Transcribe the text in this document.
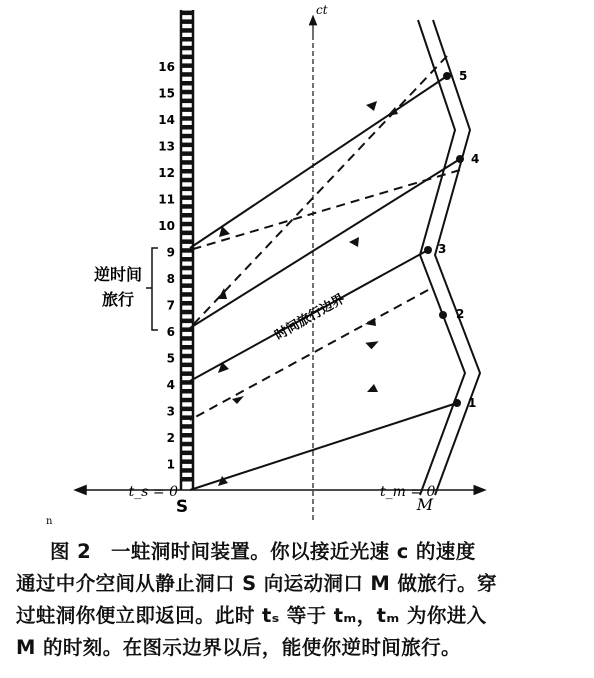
1
2
3
4
5
6
7
8
9
10
11
12
13
14
15
16
t_s = 0	t_m = 0
S	M
ct
1
2
3
4
5
时间旅行边界
逆时间
旅行
n

图 2　一蛀洞时间装置。你以接近光速 c 的速度

通过中介空间从静止洞口 S 向运动洞口 M 做旅行。穿

过蛀洞你便立即返回。此时 tₛ 等于 tₘ，tₘ 为你进入

M 的时刻。在图示边界以后，能使你逆时间旅行。
